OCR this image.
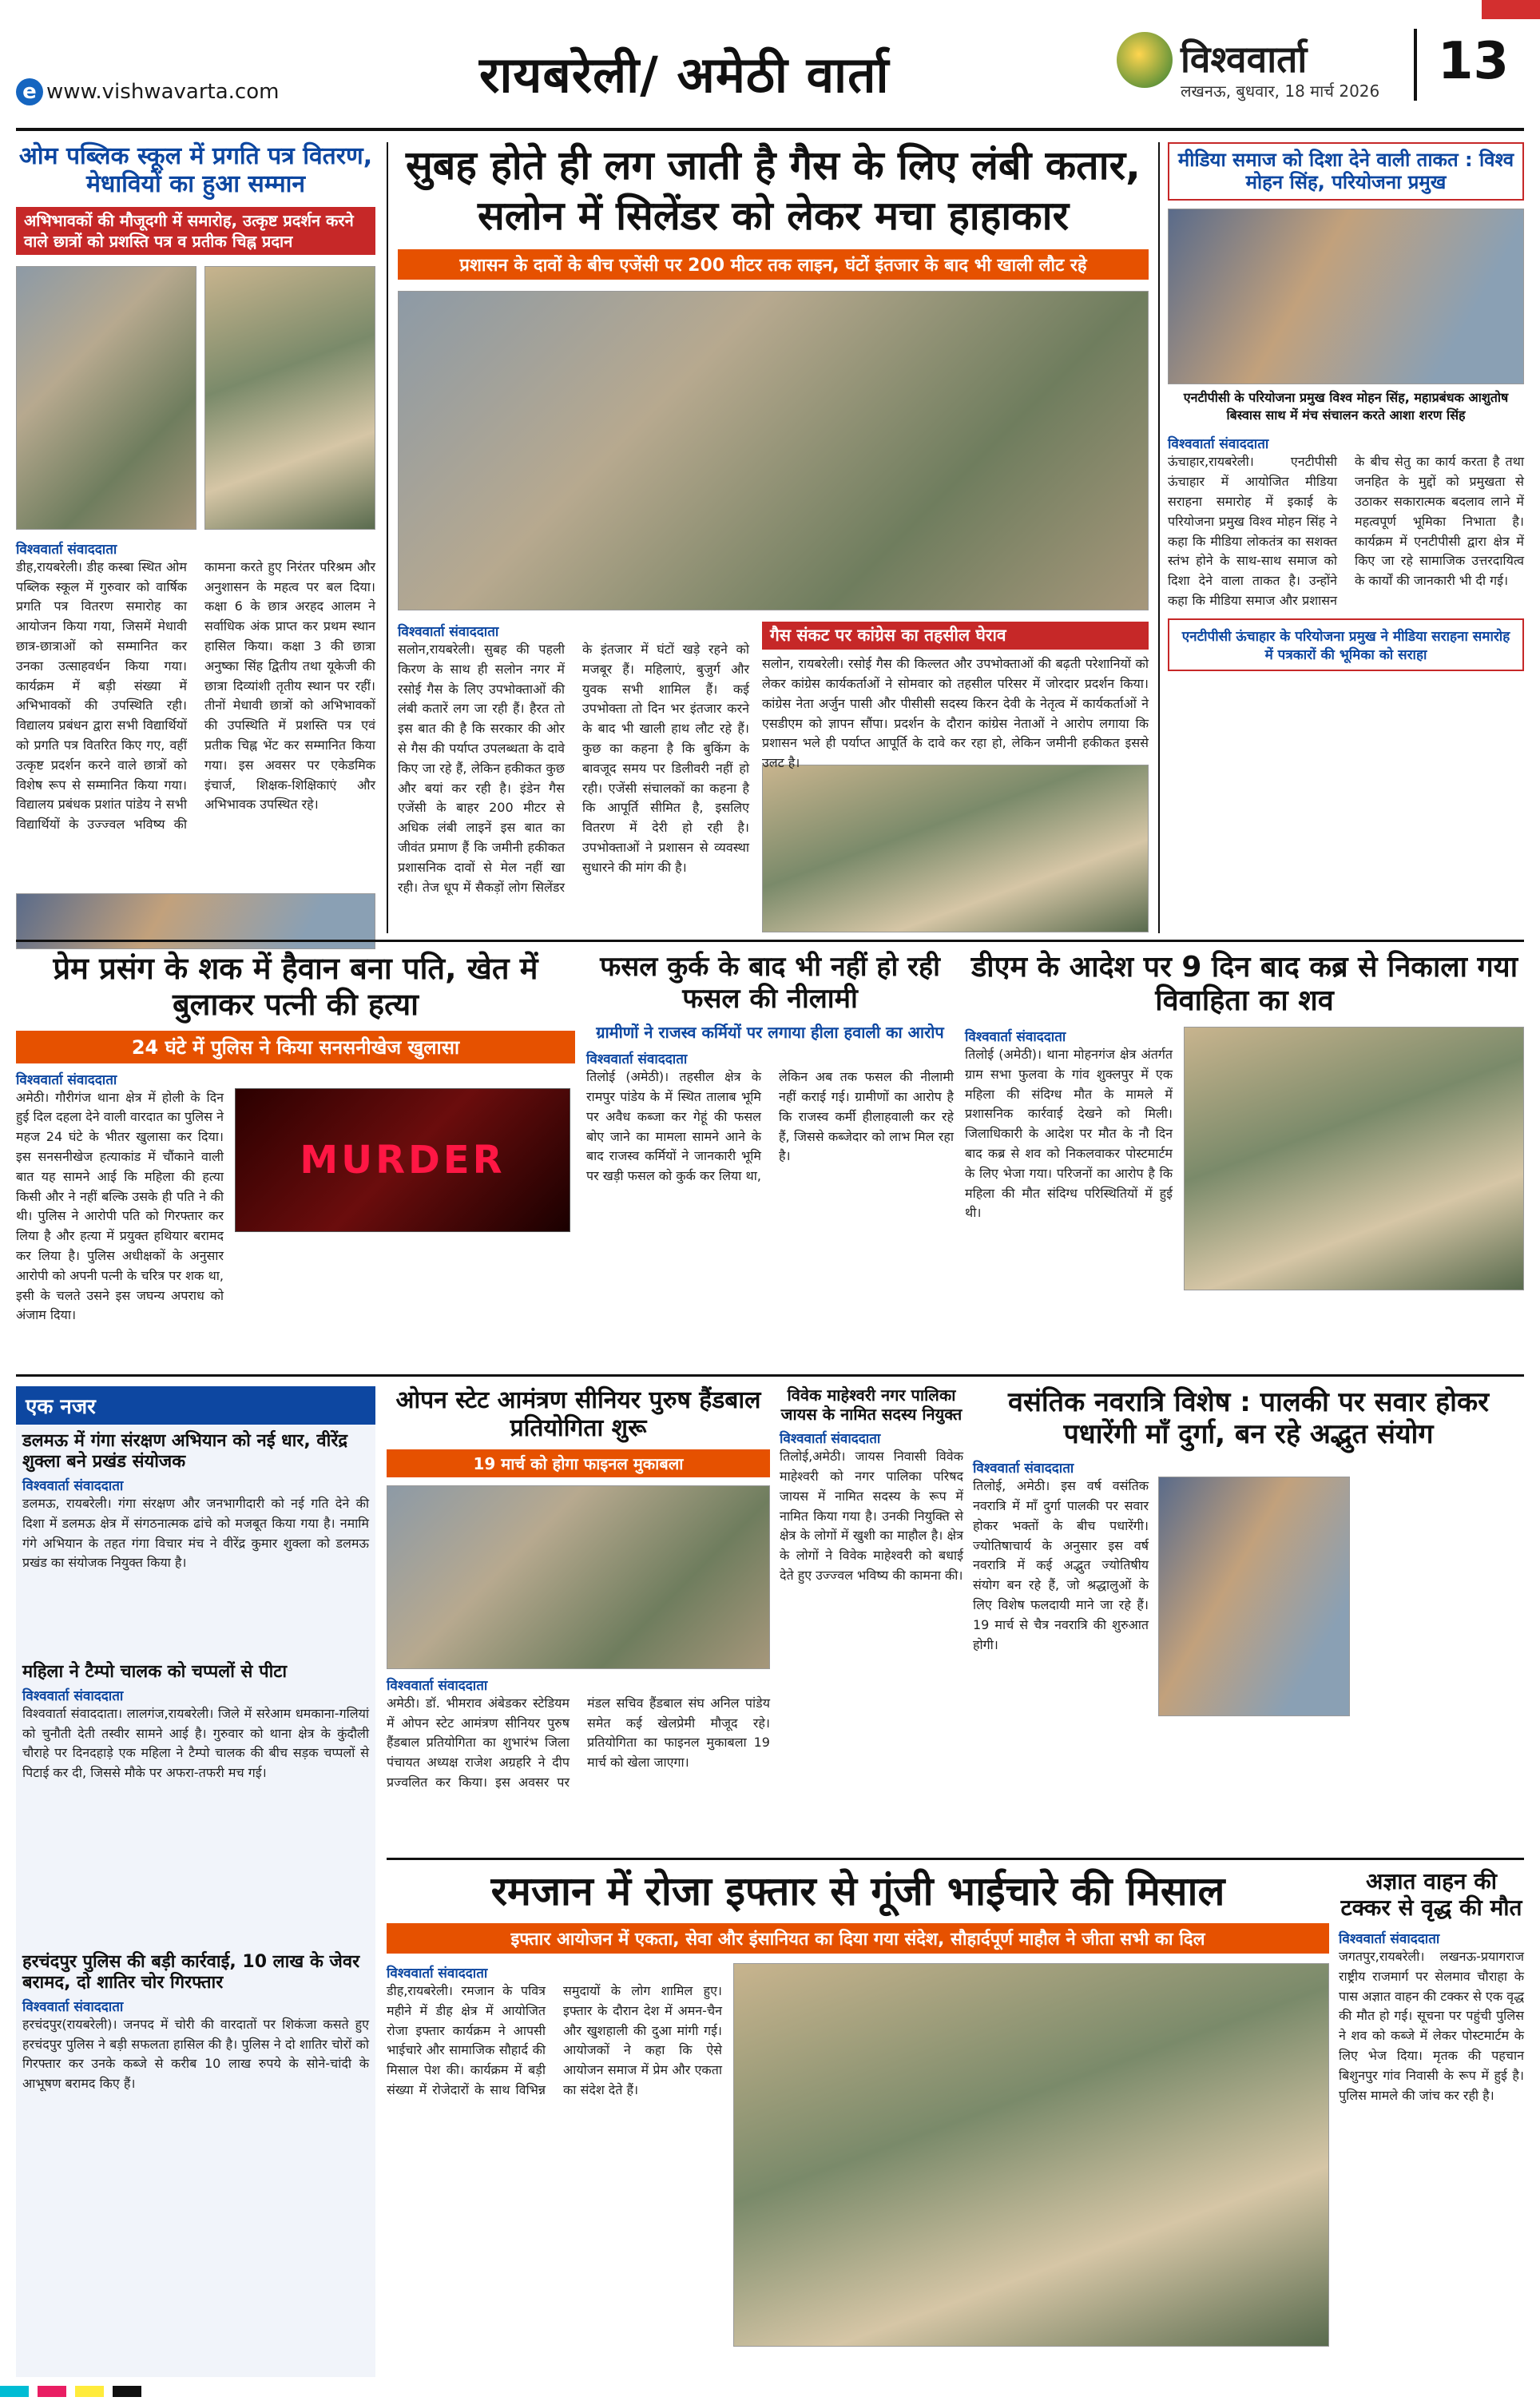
e www.vishwavarta.com	रायबरेली/ अमेठी वार्ता	विश्ववार्ता
लखनऊ, बुधवार, 18 मार्च 2026 13
ओम पब्लिक स्कूल में प्रगति पत्र वितरण, मेधावियों का हुआ सम्मान
अभिभावकों की मौजूदगी में समारोह, उत्कृष्ट प्रदर्शन करने वाले छात्रों को प्रशस्ति पत्र व प्रतीक चिह्न प्रदान
विश्ववार्ता संवाददाता
डीह,रायबरेली। डीह कस्बा स्थित ओम पब्लिक स्कूल में गुरुवार को वार्षिक प्रगति पत्र वितरण समारोह का आयोजन किया गया, जिसमें मेधावी छात्र-छात्राओं को सम्मानित कर उनका उत्साहवर्धन किया गया। कार्यक्रम में बड़ी संख्या में अभिभावकों की उपस्थिति रही। विद्यालय प्रबंधन द्वारा सभी विद्यार्थियों को प्रगति पत्र वितरित किए गए, वहीं उत्कृष्ट प्रदर्शन करने वाले छात्रों को विशेष रूप से सम्मानित किया गया। विद्यालय प्रबंधक प्रशांत पांडेय ने सभी विद्यार्थियों के उज्ज्वल भविष्य की कामना करते हुए निरंतर परिश्रम और अनुशासन के महत्व पर बल दिया। कक्षा 6 के छात्र अरहद आलम ने सर्वाधिक अंक प्राप्त कर प्रथम स्थान हासिल किया। कक्षा 3 की छात्रा अनुष्का सिंह द्वितीय तथा यूकेजी की छात्रा दिव्यांशी तृतीय स्थान पर रहीं। तीनों मेधावी छात्रों को अभिभावकों की उपस्थिति में प्रशस्ति पत्र एवं प्रतीक चिह्न भेंट कर सम्मानित किया गया। इस अवसर पर एकेडमिक इंचार्ज, शिक्षक-शिक्षिकाएं और अभिभावक उपस्थित रहे।
सुबह होते ही लग जाती है गैस के लिए लंबी कतार,
सलोन में सिलेंडर को लेकर मचा हाहाकार
प्रशासन के दावों के बीच एजेंसी पर 200 मीटर तक लाइन, घंटों इंतजार के बाद भी खाली लौट रहे
विश्ववार्ता संवाददाता
सलोन,रायबरेली। सुबह की पहली किरण के साथ ही सलोन नगर में रसोई गैस के लिए उपभोक्ताओं की लंबी कतारें लग जा रही हैं। हैरत तो इस बात की है कि सरकार की ओर से गैस की पर्याप्त उपलब्धता के दावे किए जा रहे हैं, लेकिन हकीकत कुछ और बयां कर रही है। इंडेन गैस एजेंसी के बाहर 200 मीटर से अधिक लंबी लाइनें इस बात का जीवंत प्रमाण हैं कि जमीनी हकीकत प्रशासनिक दावों से मेल नहीं खा रही। तेज धूप में सैकड़ों लोग सिलेंडर के इंतजार में घंटों खड़े रहने को मजबूर हैं। महिलाएं, बुजुर्ग और युवक सभी शामिल हैं। कई उपभोक्ता तो दिन भर इंतजार करने के बाद भी खाली हाथ लौट रहे हैं। कुछ का कहना है कि बुकिंग के बावजूद समय पर डिलीवरी नहीं हो रही। एजेंसी संचालकों का कहना है कि आपूर्ति सीमित है, इसलिए वितरण में देरी हो रही है। उपभोक्ताओं ने प्रशासन से व्यवस्था सुधारने की मांग की है।
गैस संकट पर कांग्रेस का तहसील घेराव
सलोन, रायबरेली। रसोई गैस की किल्लत और उपभोक्ताओं की बढ़ती परेशानियों को लेकर कांग्रेस कार्यकर्ताओं ने सोमवार को तहसील परिसर में जोरदार प्रदर्शन किया। कांग्रेस नेता अर्जुन पासी और पीसीसी सदस्य किरन देवी के नेतृत्व में कार्यकर्ताओं ने एसडीएम को ज्ञापन सौंपा। प्रदर्शन के दौरान कांग्रेस नेताओं ने आरोप लगाया कि प्रशासन भले ही पर्याप्त आपूर्ति के दावे कर रहा हो, लेकिन जमीनी हकीकत इससे उलट है।
मीडिया समाज को दिशा देने वाली ताकत : विश्व मोहन सिंह, परियोजना प्रमुख
एनटीपीसी के परियोजना प्रमुख विश्व मोहन सिंह, महाप्रबंधक आशुतोष बिस्वास साथ में मंच संचालन करते आशा शरण सिंह
विश्ववार्ता संवाददाता
ऊंचाहार,रायबरेली। एनटीपीसी ऊंचाहार में आयोजित मीडिया सराहना समारोह में इकाई के परियोजना प्रमुख विश्व मोहन सिंह ने कहा कि मीडिया लोकतंत्र का सशक्त स्तंभ होने के साथ-साथ समाज को दिशा देने वाला ताकत है। उन्होंने कहा कि मीडिया समाज और प्रशासन के बीच सेतु का कार्य करता है तथा जनहित के मुद्दों को प्रमुखता से उठाकर सकारात्मक बदलाव लाने में महत्वपूर्ण भूमिका निभाता है। कार्यक्रम में एनटीपीसी द्वारा क्षेत्र में किए जा रहे सामाजिक उत्तरदायित्व के कार्यों की जानकारी भी दी गई।
एनटीपीसी ऊंचाहार के परियोजना प्रमुख ने मीडिया सराहना समारोह में पत्रकारों की भूमिका को सराहा
प्रेम प्रसंग के शक में हैवान बना पति, खेत में बुलाकर पत्नी की हत्या
24 घंटे में पुलिस ने किया सनसनीखेज खुलासा
विश्ववार्ता संवाददाता
अमेठी। गौरीगंज थाना क्षेत्र में होली के दिन हुई दिल दहला देने वाली वारदात का पुलिस ने महज 24 घंटे के भीतर खुलासा कर दिया। इस सनसनीखेज हत्याकांड में चौंकाने वाली बात यह सामने आई कि महिला की हत्या किसी और ने नहीं बल्कि उसके ही पति ने की थी। पुलिस ने आरोपी पति को गिरफ्तार कर लिया है और हत्या में प्रयुक्त हथियार बरामद कर लिया है। पुलिस अधीक्षकों के अनुसार आरोपी को अपनी पत्नी के चरित्र पर शक था, इसी के चलते उसने इस जघन्य अपराध को अंजाम दिया।
MURDER
फसल कुर्क के बाद भी नहीं हो रही फसल की नीलामी
ग्रामीणों ने राजस्व कर्मियों पर लगाया हीला हवाली का आरोप
विश्ववार्ता संवाददाता
तिलोई (अमेठी)। तहसील क्षेत्र के रामपुर पांडेय के में स्थित तालाब भूमि पर अवैध कब्जा कर गेहूं की फसल बोए जाने का मामला सामने आने के बाद राजस्व कर्मियों ने जानकारी भूमि पर खड़ी फसल को कुर्क कर लिया था, लेकिन अब तक फसल की नीलामी नहीं कराई गई। ग्रामीणों का आरोप है कि राजस्व कर्मी हीलाहवाली कर रहे हैं, जिससे कब्जेदार को लाभ मिल रहा है।
डीएम के आदेश पर 9 दिन बाद कब्र से निकाला गया विवाहिता का शव
विश्ववार्ता संवाददाता
तिलोई (अमेठी)। थाना मोहनगंज क्षेत्र अंतर्गत ग्राम सभा फुलवा के गांव शुक्लपुर में एक महिला की संदिग्ध मौत के मामले में प्रशासनिक कार्रवाई देखने को मिली। जिलाधिकारी के आदेश पर मौत के नौ दिन बाद कब्र से शव को निकलवाकर पोस्टमार्टम के लिए भेजा गया। परिजनों का आरोप है कि महिला की मौत संदिग्ध परिस्थितियों में हुई थी।
एक नजर
डलमऊ में गंगा संरक्षण अभियान को नई धार, वीरेंद्र शुक्ला बने प्रखंड संयोजक
विश्ववार्ता संवाददाता
डलमऊ, रायबरेली। गंगा संरक्षण और जनभागीदारी को नई गति देने की दिशा में डलमऊ क्षेत्र में संगठनात्मक ढांचे को मजबूत किया गया है। नमामि गंगे अभियान के तहत गंगा विचार मंच ने वीरेंद्र कुमार शुक्ला को डलमऊ प्रखंड का संयोजक नियुक्त किया है।
महिला ने टैम्पो चालक को चप्पलों से पीटा
विश्ववार्ता संवाददाता
विश्ववार्ता संवाददाता। लालगंज,रायबरेली। जिले में सरेआम धमकाना-गलियां को चुनौती देती तस्वीर सामने आई है। गुरुवार को थाना क्षेत्र के कुंदौली चौराहे पर दिनदहाड़े एक महिला ने टैम्पो चालक की बीच सड़क चप्पलों से पिटाई कर दी, जिससे मौके पर अफरा-तफरी मच गई।
हरचंदपुर पुलिस की बड़ी कार्रवाई, 10 लाख के जेवर बरामद, दो शातिर चोर गिरफ्तार
विश्ववार्ता संवाददाता
हरचंदपुर(रायबरेली)। जनपद में चोरी की वारदातों पर शिकंजा कसते हुए हरचंदपुर पुलिस ने बड़ी सफलता हासिल की है। पुलिस ने दो शातिर चोरों को गिरफ्तार कर उनके कब्जे से करीब 10 लाख रुपये के सोने-चांदी के आभूषण बरामद किए हैं।
ओपन स्टेट आमंत्रण सीनियर पुरुष हैंडबाल प्रतियोगिता शुरू
19 मार्च को होगा फाइनल मुकाबला
विश्ववार्ता संवाददाता
अमेठी। डॉ. भीमराव अंबेडकर स्टेडियम में ओपन स्टेट आमंत्रण सीनियर पुरुष हैंडबाल प्रतियोगिता का शुभारंभ जिला पंचायत अध्यक्ष राजेश अग्रहरि ने दीप प्रज्वलित कर किया। इस अवसर पर मंडल सचिव हैंडबाल संघ अनिल पांडेय समेत कई खेलप्रेमी मौजूद रहे। प्रतियोगिता का फाइनल मुकाबला 19 मार्च को खेला जाएगा।
विवेक माहेश्वरी नगर पालिका जायस के नामित सदस्य नियुक्त
विश्ववार्ता संवाददाता
तिलोई,अमेठी। जायस निवासी विवेक माहेश्वरी को नगर पालिका परिषद जायस में नामित सदस्य के रूप में नामित किया गया है। उनकी नियुक्ति से क्षेत्र के लोगों में खुशी का माहौल है। क्षेत्र के लोगों ने विवेक माहेश्वरी को बधाई देते हुए उज्ज्वल भविष्य की कामना की।
वसंतिक नवरात्रि विशेष : पालकी पर सवार होकर पधारेंगी माँ दुर्गा, बन रहे अद्भुत संयोग
विश्ववार्ता संवाददाता
तिलोई, अमेठी। इस वर्ष वसंतिक नवरात्रि में माँ दुर्गा पालकी पर सवार होकर भक्तों के बीच पधारेंगी। ज्योतिषाचार्य के अनुसार इस वर्ष नवरात्रि में कई अद्भुत ज्योतिषीय संयोग बन रहे हैं, जो श्रद्धालुओं के लिए विशेष फलदायी माने जा रहे हैं। 19 मार्च से चैत्र नवरात्रि की शुरुआत होगी।
रमजान में रोजा इफ्तार से गूंजी भाईचारे की मिसाल
इफ्तार आयोजन में एकता, सेवा और इंसानियत का दिया गया संदेश, सौहार्दपूर्ण माहौल ने जीता सभी का दिल
विश्ववार्ता संवाददाता
डीह,रायबरेली। रमजान के पवित्र महीने में डीह क्षेत्र में आयोजित रोजा इफ्तार कार्यक्रम ने आपसी भाईचारे और सामाजिक सौहार्द की मिसाल पेश की। कार्यक्रम में बड़ी संख्या में रोजेदारों के साथ विभिन्न समुदायों के लोग शामिल हुए। इफ्तार के दौरान देश में अमन-चैन और खुशहाली की दुआ मांगी गई। आयोजकों ने कहा कि ऐसे आयोजन समाज में प्रेम और एकता का संदेश देते हैं।
अज्ञात वाहन की टक्कर से वृद्ध की मौत
विश्ववार्ता संवाददाता
जगतपुर,रायबरेली। लखनऊ-प्रयागराज राष्ट्रीय राजमार्ग पर सेलमाव चौराहा के पास अज्ञात वाहन की टक्कर से एक वृद्ध की मौत हो गई। सूचना पर पहुंची पुलिस ने शव को कब्जे में लेकर पोस्टमार्टम के लिए भेज दिया। मृतक की पहचान बिशुनपुर गांव निवासी के रूप में हुई है। पुलिस मामले की जांच कर रही है।
